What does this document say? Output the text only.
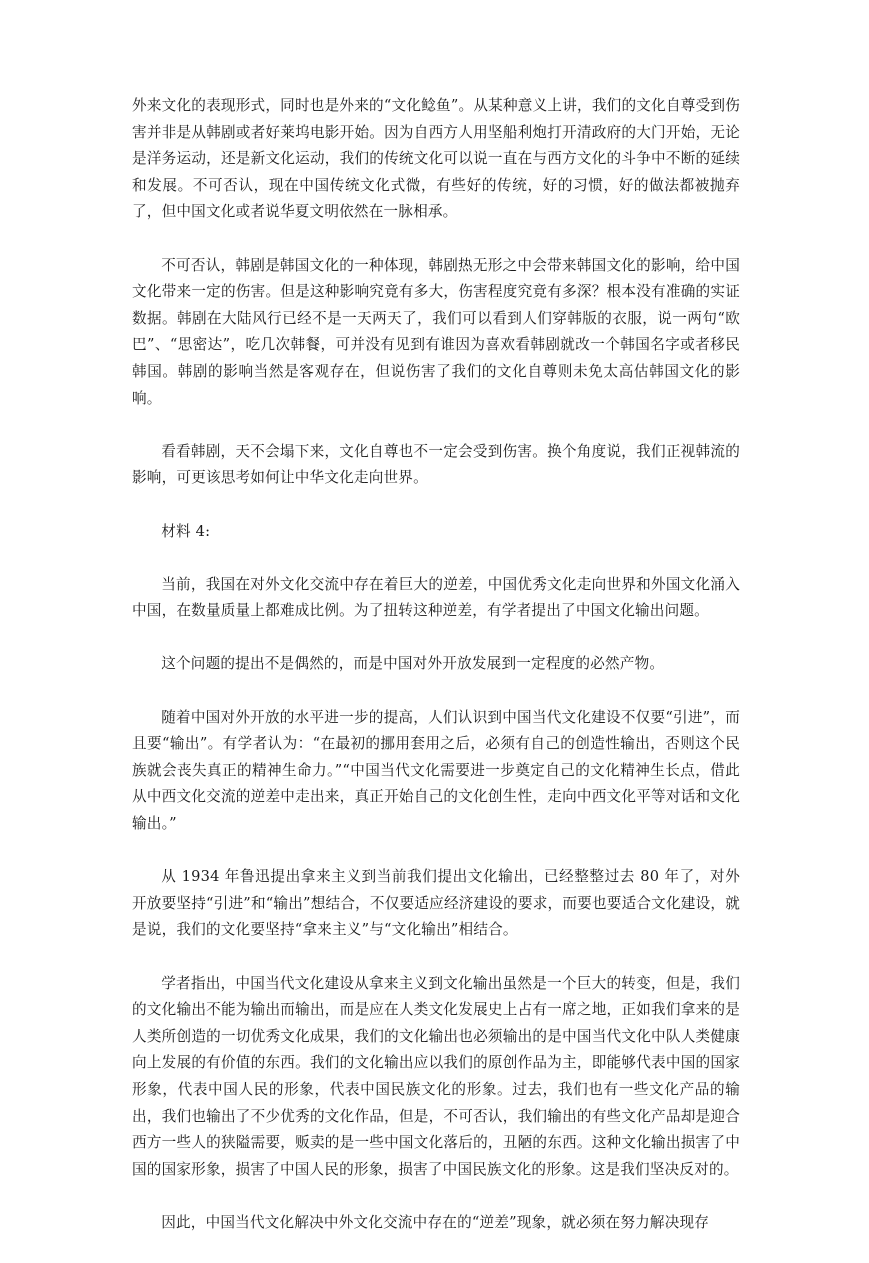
外来文化的表现形式，同时也是外来的“文化鲶鱼”。从某种意义上讲，我们的文化自尊受到伤害并非是从韩剧或者好莱坞电影开始。因为自西方人用坚船利炮打开清政府的大门开始，无论是洋务运动，还是新文化运动，我们的传统文化可以说一直在与西方文化的斗争中不断的延续和发展。不可否认，现在中国传统文化式微，有些好的传统，好的习惯，好的做法都被抛弃了，但中国文化或者说华夏文明依然在一脉相承。

不可否认，韩剧是韩国文化的一种体现，韩剧热无形之中会带来韩国文化的影响，给中国文化带来一定的伤害。但是这种影响究竟有多大，伤害程度究竟有多深？根本没有准确的实证数据。韩剧在大陆风行已经不是一天两天了，我们可以看到人们穿韩版的衣服，说一两句“欧巴”、“思密达”，吃几次韩餐，可并没有见到有谁因为喜欢看韩剧就改一个韩国名字或者移民韩国。韩剧的影响当然是客观存在，但说伤害了我们的文化自尊则未免太高估韩国文化的影响。

看看韩剧，天不会塌下来，文化自尊也不一定会受到伤害。换个角度说，我们正视韩流的影响，可更该思考如何让中华文化走向世界。

材料 4:

当前，我国在对外文化交流中存在着巨大的逆差，中国优秀文化走向世界和外国文化涌入中国，在数量质量上都难成比例。为了扭转这种逆差，有学者提出了中国文化输出问题。

这个问题的提出不是偶然的，而是中国对外开放发展到一定程度的必然产物。

随着中国对外开放的水平进一步的提高，人们认识到中国当代文化建设不仅要“引进”，而且要“输出”。有学者认为：“在最初的挪用套用之后，必须有自己的创造性输出，否则这个民族就会丧失真正的精神生命力。”“中国当代文化需要进一步奠定自己的文化精神生长点，借此从中西文化交流的逆差中走出来，真正开始自己的文化创生性，走向中西文化平等对话和文化输出。”

从 1934 年鲁迅提出拿来主义到当前我们提出文化输出，已经整整过去 80 年了，对外开放要坚持“引进”和“输出”想结合，不仅要适应经济建设的要求，而要也要适合文化建设，就是说，我们的文化要坚持“拿来主义”与“文化输出”相结合。

学者指出，中国当代文化建设从拿来主义到文化输出虽然是一个巨大的转变，但是，我们的文化输出不能为输出而输出，而是应在人类文化发展史上占有一席之地，正如我们拿来的是人类所创造的一切优秀文化成果，我们的文化输出也必须输出的是中国当代文化中队人类健康向上发展的有价值的东西。我们的文化输出应以我们的原创作品为主，即能够代表中国的国家形象，代表中国人民的形象，代表中国民族文化的形象。过去，我们也有一些文化产品的输出，我们也输出了不少优秀的文化作品，但是，不可否认，我们输出的有些文化产品却是迎合西方一些人的狭隘需要，贩卖的是一些中国文化落后的，丑陋的东西。这种文化输出损害了中国的国家形象，损害了中国人民的形象，损害了中国民族文化的形象。这是我们坚决反对的。

因此，中国当代文化解决中外文化交流中存在的“逆差”现象，就必须在努力解决现存
